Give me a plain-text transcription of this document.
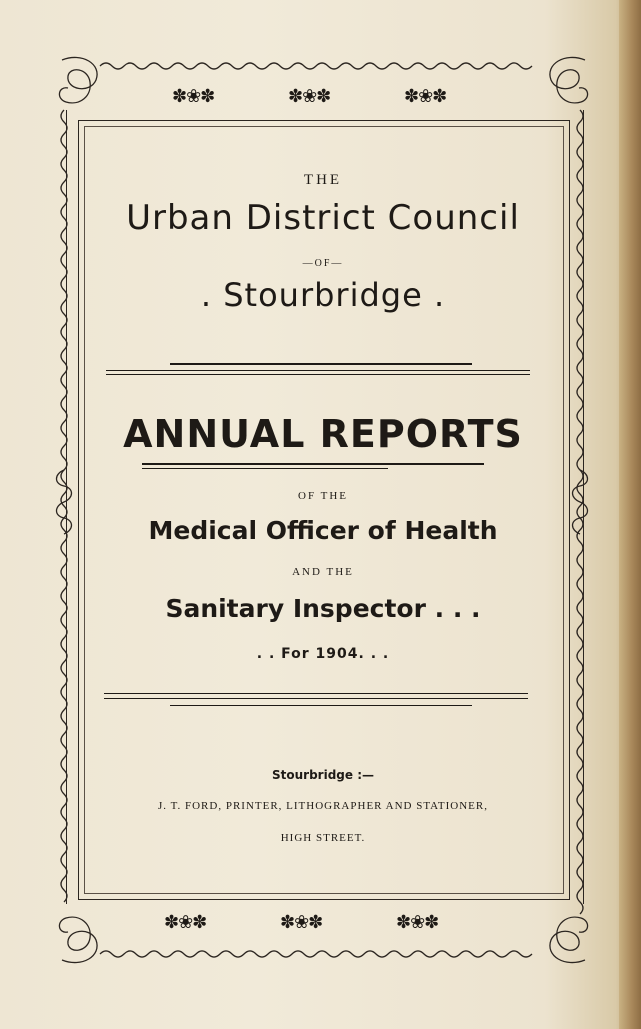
✽❀✽	✽❀✽	✽❀✽
✽❀✽	✽❀✽	✽❀✽
THE
Urban District Council
—OF—
. Stourbridge .
ANNUAL REPORTS
OF THE
Medical Officer of Health
AND THE
Sanitary Inspector . . .
. . For 1904. . .
Stourbridge :—
J. T. FORD, PRINTER, LITHOGRAPHER AND STATIONER,
HIGH STREET.
